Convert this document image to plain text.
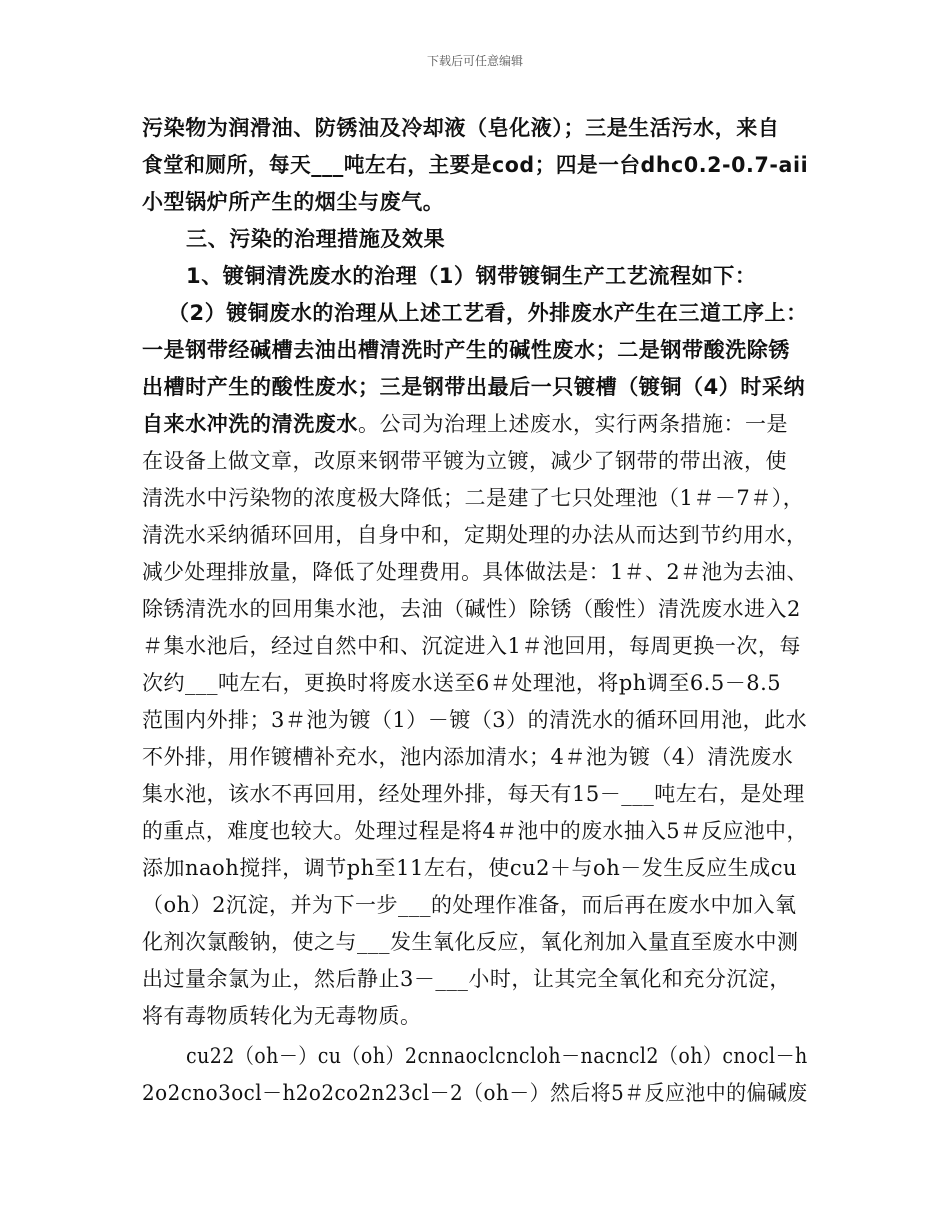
下载后可任意编辑
污染物为润滑油、防锈油及冷却液（皂化液）；三是生活污水，来自
食堂和厕所，每天___吨左右，主要是cod；四是一台dhc0.2-0.7-aii
小型锅炉所产生的烟尘与废气。
三、污染的治理措施及效果
1、镀铜清洗废水的治理（1）钢带镀铜生产工艺流程如下：
（2）镀铜废水的治理从上述工艺看，外排废水产生在三道工序上：
一是钢带经碱槽去油出槽清洗时产生的碱性废水；二是钢带酸洗除锈
出槽时产生的酸性废水；三是钢带出最后一只镀槽（镀铜（4）时采纳
自来水冲洗的清洗废水。公司为治理上述废水，实行两条措施：一是
在设备上做文章，改原来钢带平镀为立镀，减少了钢带的带出液，使
清洗水中污染物的浓度极大降低；二是建了七只处理池（1＃－7＃），
清洗水采纳循环回用，自身中和，定期处理的办法从而达到节约用水，
减少处理排放量，降低了处理费用。具体做法是：1＃、2＃池为去油、
除锈清洗水的回用集水池，去油（碱性）除锈（酸性）清洗废水进入2
＃集水池后，经过自然中和、沉淀进入1＃池回用，每周更换一次，每
次约___吨左右，更换时将废水送至6＃处理池，将ph调至6.5－8.5
范围内外排；3＃池为镀（1）－镀（3）的清洗水的循环回用池，此水
不外排，用作镀槽补充水，池内添加清水；4＃池为镀（4）清洗废水
集水池，该水不再回用，经处理外排，每天有15－___吨左右，是处理
的重点，难度也较大。处理过程是将4＃池中的废水抽入5＃反应池中，
添加naoh搅拌，调节ph至11左右，使cu2＋与oh－发生反应生成cu
（oh）2沉淀，并为下一步___的处理作准备，而后再在废水中加入氧
化剂次氯酸钠，使之与___发生氧化反应，氧化剂加入量直至废水中测
出过量余氯为止，然后静止3－___小时，让其完全氧化和充分沉淀，
将有毒物质转化为无毒物质。
cu22（oh－）cu（oh）2cnnaoclcncloh－nacncl2（oh）cnocl－h
2o2cno3ocl－h2o2co2n23cl－2（oh－）然后将5＃反应池中的偏碱废
